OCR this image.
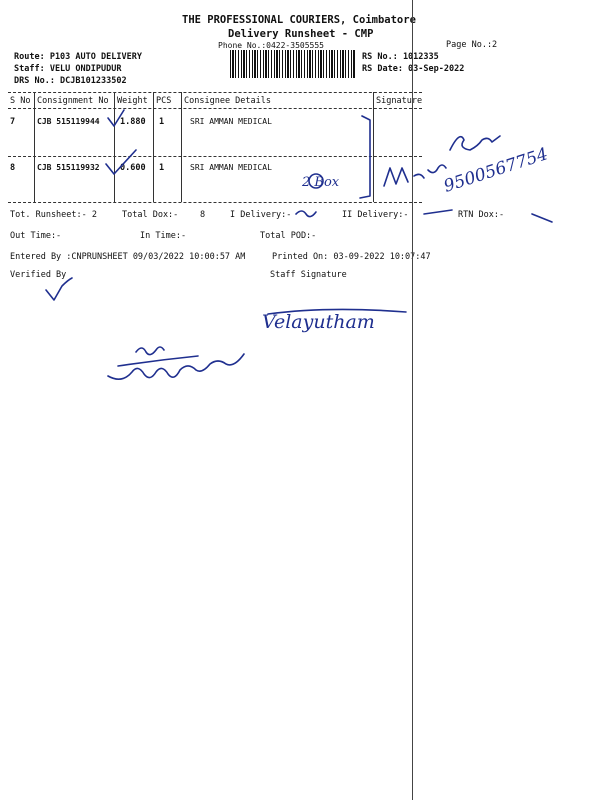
THE PROFESSIONAL COURIERS, Coimbatore
Delivery Runsheet - CMP
Phone No.:0422-3505555	Page No.:2
Route: P103 AUTO DELIVERY
Staff: VELU ONDIPUDUR
DRS No.: DCJB101233502
RS No.: 1012335
RS Date: 03-Sep-2022
S No Consignment No Weight PCS Consignee Details	Signature
7	CJB 515119944 1.880 1	SRI AMMAN MEDICAL
8	CJB 515119932 0.600 1	SRI AMMAN MEDICAL
Tot. Runsheet:- 2	Total Dox:-	8	I Delivery:-	II Delivery:-	RTN Dox:-
Out Time:-	In Time:-	Total POD:-
Entered By :CNPRUNSHEET 09/03/2022 10:00:57 AM	Printed On: 03-09-2022 10:07:47
Verified By	Staff Signature
2 Box	9500567754
Velayutham
